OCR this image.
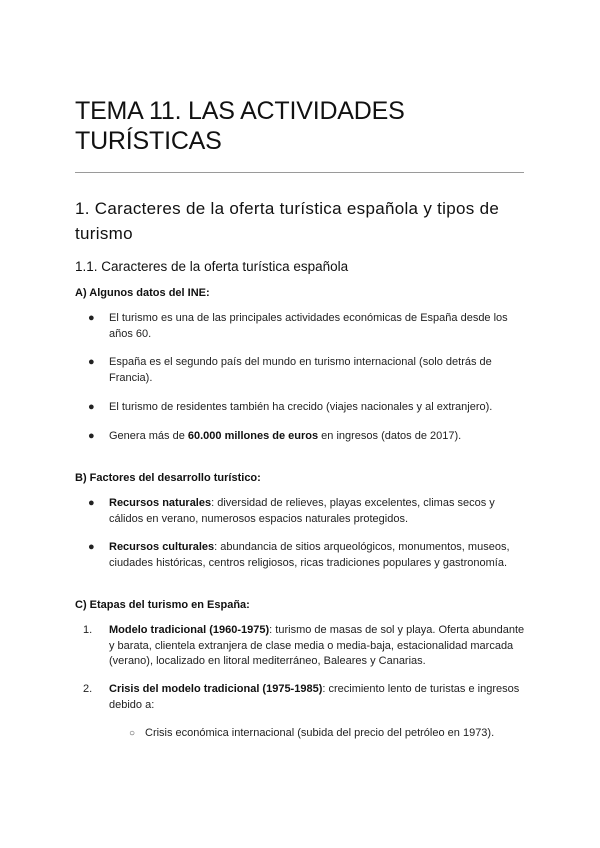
TEMA 11. LAS ACTIVIDADES
TURÍSTICAS
1. Caracteres de la oferta turística española y tipos de turismo
1.1. Caracteres de la oferta turística española
A) Algunos datos del INE:
● El turismo es una de las principales actividades económicas de España desde los años 60.
● España es el segundo país del mundo en turismo internacional (solo detrás de Francia).
● El turismo de residentes también ha crecido (viajes nacionales y al extranjero).
● Genera más de 60.000 millones de euros en ingresos (datos de 2017).
B) Factores del desarrollo turístico:
● Recursos naturales: diversidad de relieves, playas excelentes, climas secos y cálidos en verano, numerosos espacios naturales protegidos.
● Recursos culturales: abundancia de sitios arqueológicos, monumentos, museos, ciudades históricas, centros religiosos, ricas tradiciones populares y gastronomía.
C) Etapas del turismo en España:
1.	Modelo tradicional (1960-1975): turismo de masas de sol y playa. Oferta abundante y barata, clientela extranjera de clase media o media-baja, estacionalidad marcada (verano), localizado en litoral mediterráneo, Baleares y Canarias.
2.	Crisis del modelo tradicional (1975-1985): crecimiento lento de turistas e ingresos debido a:
○ Crisis económica internacional (subida del precio del petróleo en 1973).
